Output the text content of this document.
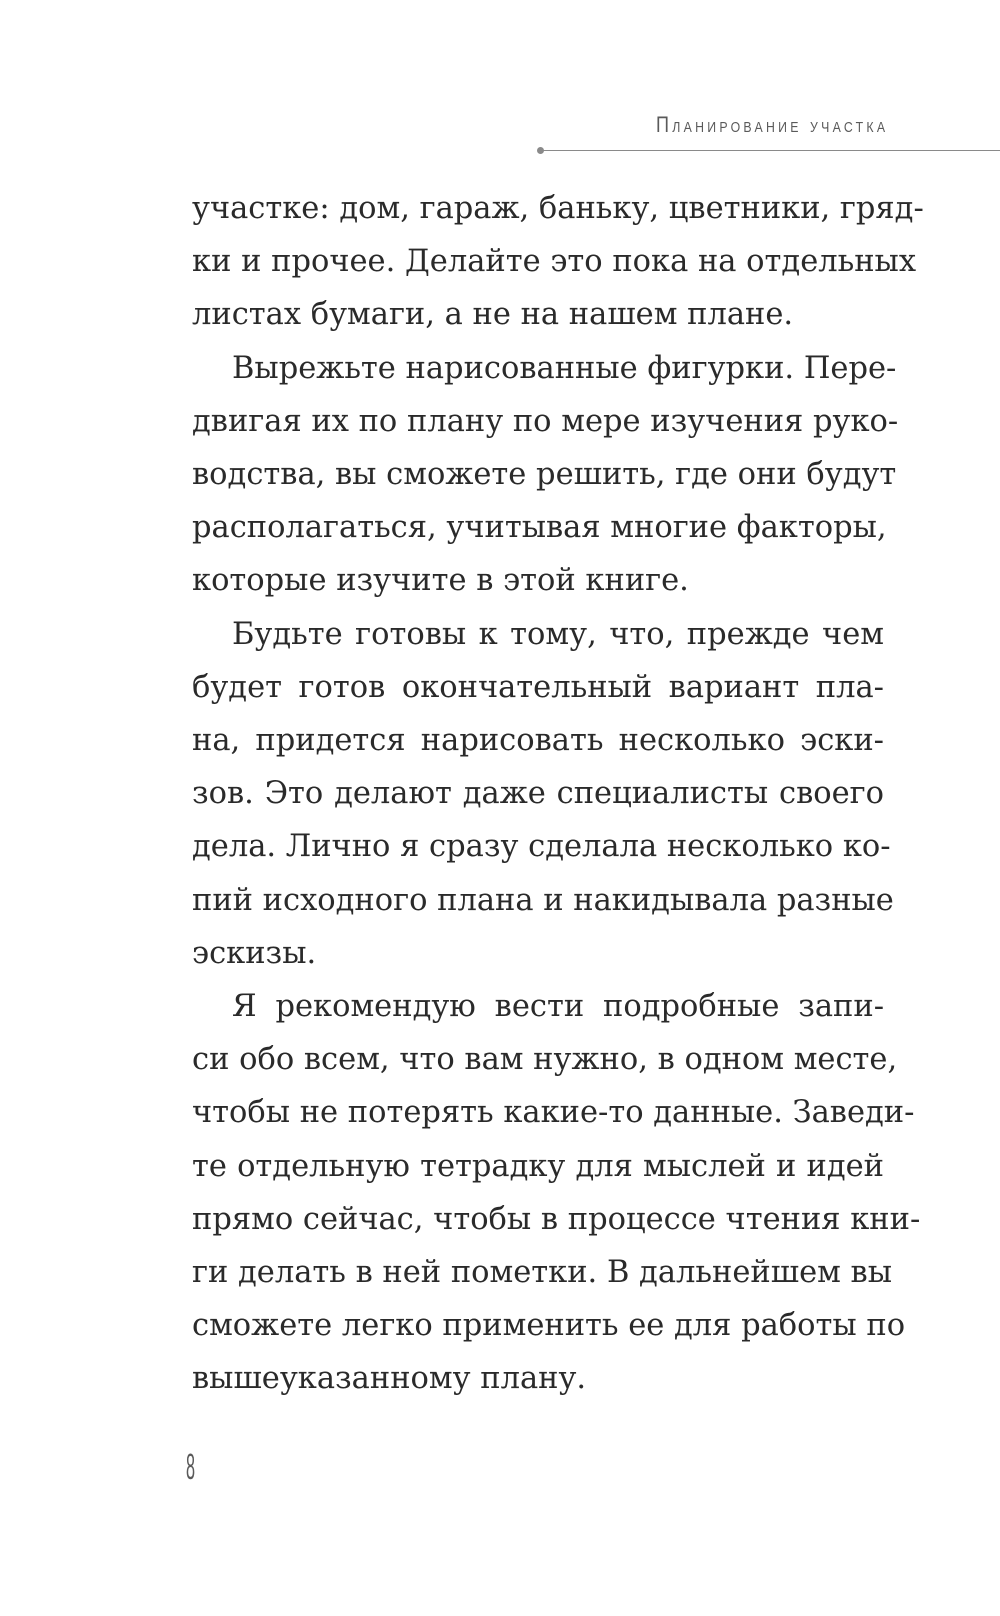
Планирование участка
участке: дом, гараж, баньку, цветники, гряд-
ки и прочее. Делайте это пока на отдельных
листах бумаги, а не на нашем плане.
Вырежьте нарисованные фигурки. Пере-
двигая их по плану по мере изучения руко-
водства, вы сможете решить, где они будут
располагаться, учитывая многие факторы,
которые изучите в этой книге.
Будьте готовы к тому, что, прежде чем
будет готов окончательный вариант пла-
на, придется нарисовать несколько эски-
зов. Это делают даже специалисты своего
дела. Лично я сразу сделала несколько ко-
пий исходного плана и накидывала разные
эскизы.
Я рекомендую вести подробные запи-
си обо всем, что вам нужно, в одном месте,
чтобы не потерять какие-то данные. Заведи-
те отдельную тетрадку для мыслей и идей
прямо сейчас, чтобы в процессе чтения кни-
ги делать в ней пометки. В дальнейшем вы
сможете легко применить ее для работы по
вышеуказанному плану.
8
